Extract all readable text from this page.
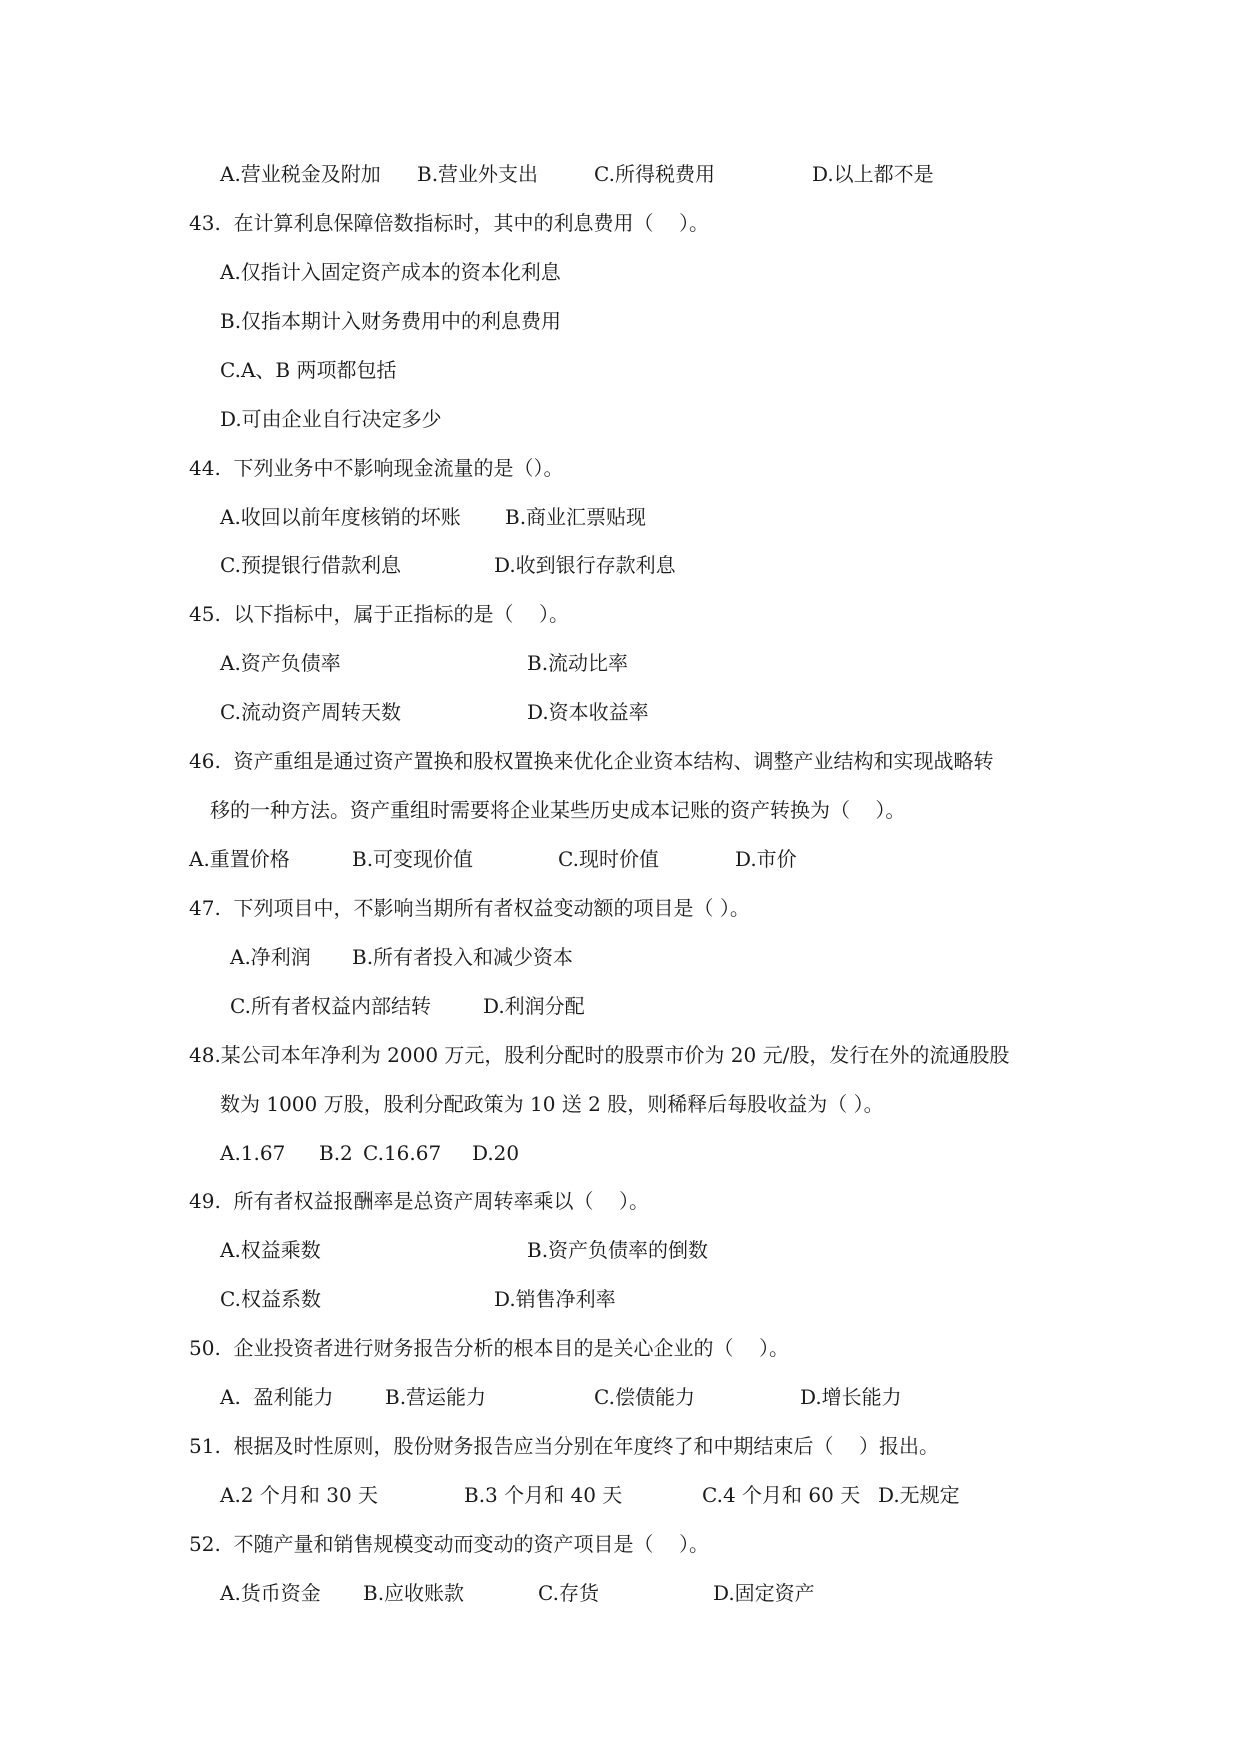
A.营业税金及附加 B.营业外支出	C.所得税费用	D.以上都不是
43.  在计算利息保障倍数指标时，其中的利息费用（    ）。
A.仅指计入固定资产成本的资本化利息
B.仅指本期计入财务费用中的利息费用
C.A、B 两项都包括
D.可由企业自行决定多少
44.  下列业务中不影响现金流量的是（）。
A.收回以前年度核销的坏账 B.商业汇票贴现
C.预提银行借款利息	D.收到银行存款利息
45.  以下指标中，属于正指标的是（    ）。
A.资产负债率	B.流动比率
C.流动资产周转天数	D.资本收益率
46.  资产重组是通过资产置换和股权置换来优化企业资本结构、调整产业结构和实现战略转
移的一种方法。资产重组时需要将企业某些历史成本记账的资产转换为（    ）。
A.重置价格	B.可变现价值	C.现时价值	D.市价
47.  下列项目中，不影响当期所有者权益变动额的项目是（ ）。
A.净利润 B.所有者投入和减少资本
C.所有者权益内部结转	D.利润分配
48.某公司本年净利为 2000 万元，股利分配时的股票市价为 20 元/股，发行在外的流通股股
数为 1000 万股，股利分配政策为 10 送 2 股，则稀释后每股收益为（ ）。
A.1.67 B.2 C.16.67 D.20
49.  所有者权益报酬率是总资产周转率乘以（    ）。
A.权益乘数	B.资产负债率的倒数
C.权益系数	D.销售净利率
50.  企业投资者进行财务报告分析的根本目的是关心企业的（    ）。
A.  盈利能力	B.营运能力	C.偿债能力	D.增长能力
51.  根据及时性原则，股份财务报告应当分别在年度终了和中期结束后（    ）报出。
A.2 个月和 30 天	B.3 个月和 40 天	C.4 个月和 60 天 D.无规定
52.  不随产量和销售规模变动而变动的资产项目是（    ）。
A.货币资金 B.应收账款	C.存货	D.固定资产
